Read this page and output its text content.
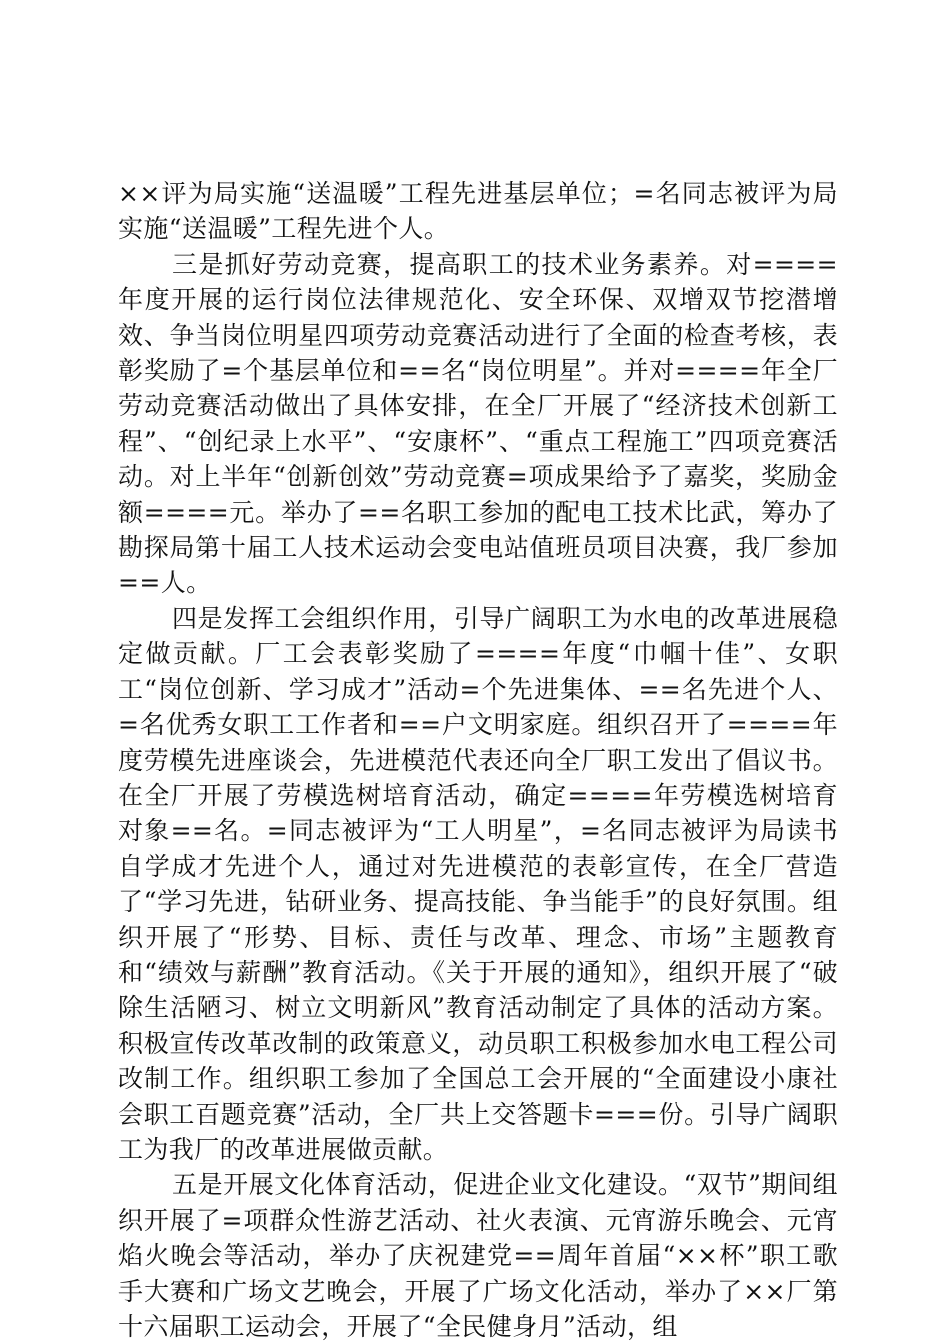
××评为局实施“送温暖”工程先进基层单位；=名同志被评为局实施“送温暖”工程先进个人。

三是抓好劳动竞赛，提高职工的技术业务素养。对====年度开展的运行岗位法律规范化、安全环保、双增双节挖潜增效、争当岗位明星四项劳动竞赛活动进行了全面的检查考核，表彰奖励了=个基层单位和==名“岗位明星”。并对====年全厂劳动竞赛活动做出了具体安排，在全厂开展了“经济技术创新工程”、“创纪录上水平”、“安康杯”、“重点工程施工”四项竞赛活动。对上半年“创新创效”劳动竞赛=项成果给予了嘉奖，奖励金额====元。举办了==名职工参加的配电工技术比武，筹办了勘探局第十届工人技术运动会变电站值班员项目决赛，我厂参加==人。

四是发挥工会组织作用，引导广阔职工为水电的改革进展稳定做贡献。厂工会表彰奖励了====年度“巾帼十佳”、女职工“岗位创新、学习成才”活动=个先进集体、==名先进个人、=名优秀女职工工作者和==户文明家庭。组织召开了====年度劳模先进座谈会，先进模范代表还向全厂职工发出了倡议书。在全厂开展了劳模选树培育活动，确定====年劳模选树培育对象==名。=同志被评为“工人明星”，=名同志被评为局读书自学成才先进个人，通过对先进模范的表彰宣传，在全厂营造了“学习先进，钻研业务、提高技能、争当能手”的良好氛围。组织开展了“形势、目标、责任与改革、理念、市场”主题教育和“绩效与薪酬”教育活动。《关于开展的通知》，组织开展了“破除生活陋习、树立文明新风”教育活动制定了具体的活动方案。积极宣传改革改制的政策意义，动员职工积极参加水电工程公司改制工作。组织职工参加了全国总工会开展的“全面建设小康社会职工百题竞赛”活动，全厂共上交答题卡===份。引导广阔职工为我厂的改革进展做贡献。

五是开展文化体育活动，促进企业文化建设。“双节”期间组织开展了=项群众性游艺活动、社火表演、元宵游乐晚会、元宵焰火晚会等活动，举办了庆祝建党==周年首届“××杯”职工歌手大赛和广场文艺晚会，开展了广场文化活动，举办了××厂第十六届职工运动会，开展了“全民健身月”活动，组
